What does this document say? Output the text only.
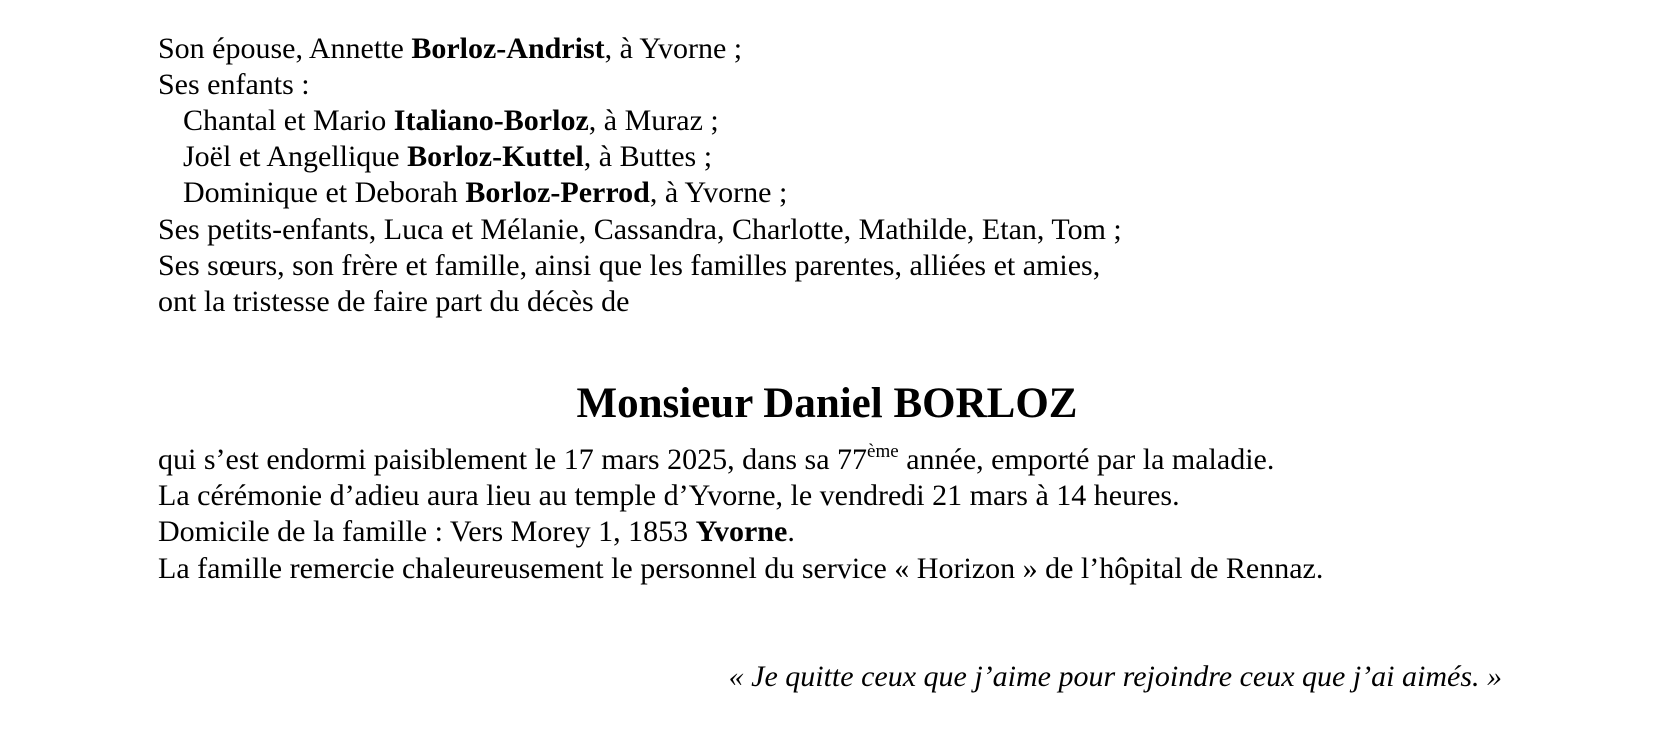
Son épouse, Annette Borloz-Andrist, à Yvorne ;
Ses enfants :
Chantal et Mario Italiano-Borloz, à Muraz ;
Joël et Angellique Borloz-Kuttel, à Buttes ;
Dominique et Deborah Borloz-Perrod, à Yvorne ;
Ses petits-enfants, Luca et Mélanie, Cassandra, Charlotte, Mathilde, Etan, Tom ;
Ses sœurs, son frère et famille, ainsi que les familles parentes, alliées et amies,
ont la tristesse de faire part du décès de
Monsieur Daniel BORLOZ
qui s’est endormi paisiblement le 17 mars 2025, dans sa 77ème année, emporté par la maladie.
La cérémonie d’adieu aura lieu au temple d’Yvorne, le vendredi 21 mars à 14 heures.
Domicile de la famille : Vers Morey 1, 1853 Yvorne.
La famille remercie chaleureusement le personnel du service « Horizon » de l’hôpital de Rennaz.
« Je quitte ceux que j’aime pour rejoindre ceux que j’ai aimés. »
